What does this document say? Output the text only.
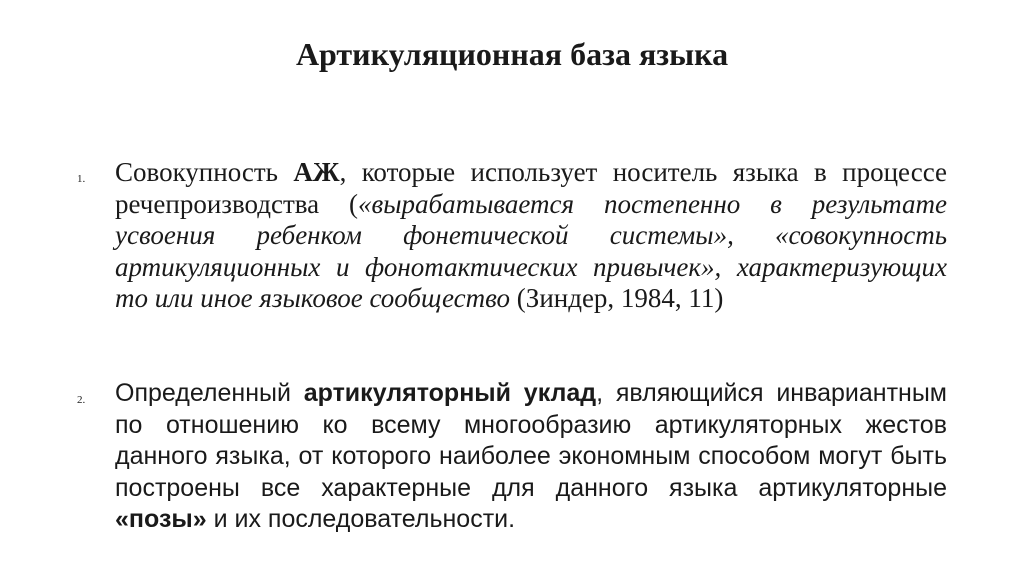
Артикуляционная база языка
1. Совокупность АЖ, которые использует носитель языка в процессе речепроизводства («вырабатывается постепенно в результате усвоения ребенком фонетической системы», «совокупность артикуляционных и фонотактических привычек», характеризующих то или иное языковое сообщество (Зиндер, 1984, 11)

2. Определенный артикуляторный уклад, являющийся инвариантным по отношению ко всему многообразию артикуляторных жестов данного языка, от которого наиболее экономным способом могут быть построены все характерные для данного языка артикуляторные «позы» и их последовательности.
